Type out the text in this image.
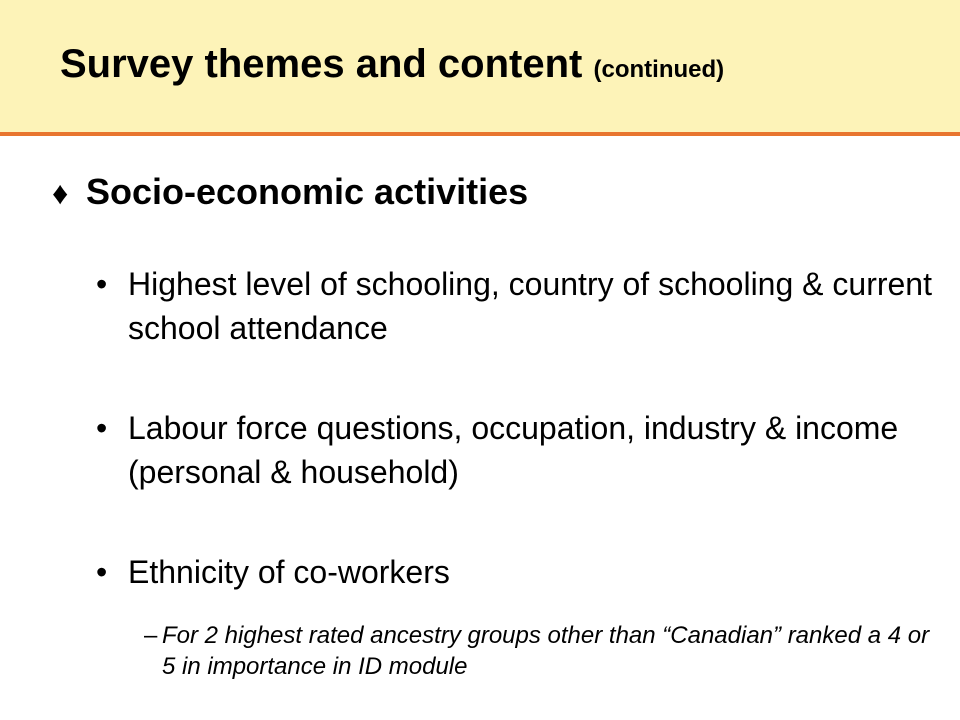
Survey themes and content (continued)
♦ Socio-economic activities
• Highest level of schooling, country of schooling & current school attendance
• Labour force questions, occupation, industry & income (personal & household)
• Ethnicity of co-workers
– For 2 highest rated ancestry groups other than “Canadian” ranked a 4 or 5 in importance in ID module
